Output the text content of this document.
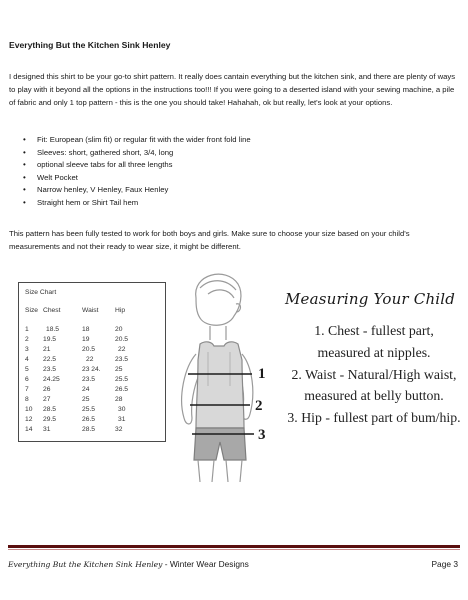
Everything But the Kitchen Sink Henley
I designed this shirt to be your go-to shirt pattern. It really does cantain everything but the kitchen sink, and there are plenty of ways to play with it beyond all the options in the instructions too!!! If you were going to a deserted island with your sewing machine, a pile of fabric and only 1 top pattern - this is the one you should take! Hahahah, ok but really, let's look at your options.
• Fit: European (slim fit) or regular fit with the wider front fold line
• Sleeves: short, gathered short, 3/4, long
• optional sleeve tabs for all three lengths
• Welt Pocket
• Narrow henley, V Henley, Faux Henley
• Straight hem or Shirt Tail hem
This pattern has been fully tested to work for both boys and girls. Make sure to choose your size based on your child's measurements and not their ready to wear size, it might be different.
Size Chart
Size Chest	Waist Hip
1	18.5	18	20
2 19.5	19	20.5
3 21	20.5	22
4 22.5	22	23.5
5 23.5	23 24. 25
6 24.25	23.5	25.5
7 26	24	26.5
8 27	25	28
10 28.5	25.5	30
12 29.5	26.5	31
14 31	28.5	32
1
2
3
Measuring Your Child
1. Chest - fullest part,
measured at nipples.
2. Waist - Natural/High waist,
measured at belly button.
3. Hip - fullest part of bum/hip.
Everything But the Kitchen Sink Henley - Winter Wear Designs	Page 3
